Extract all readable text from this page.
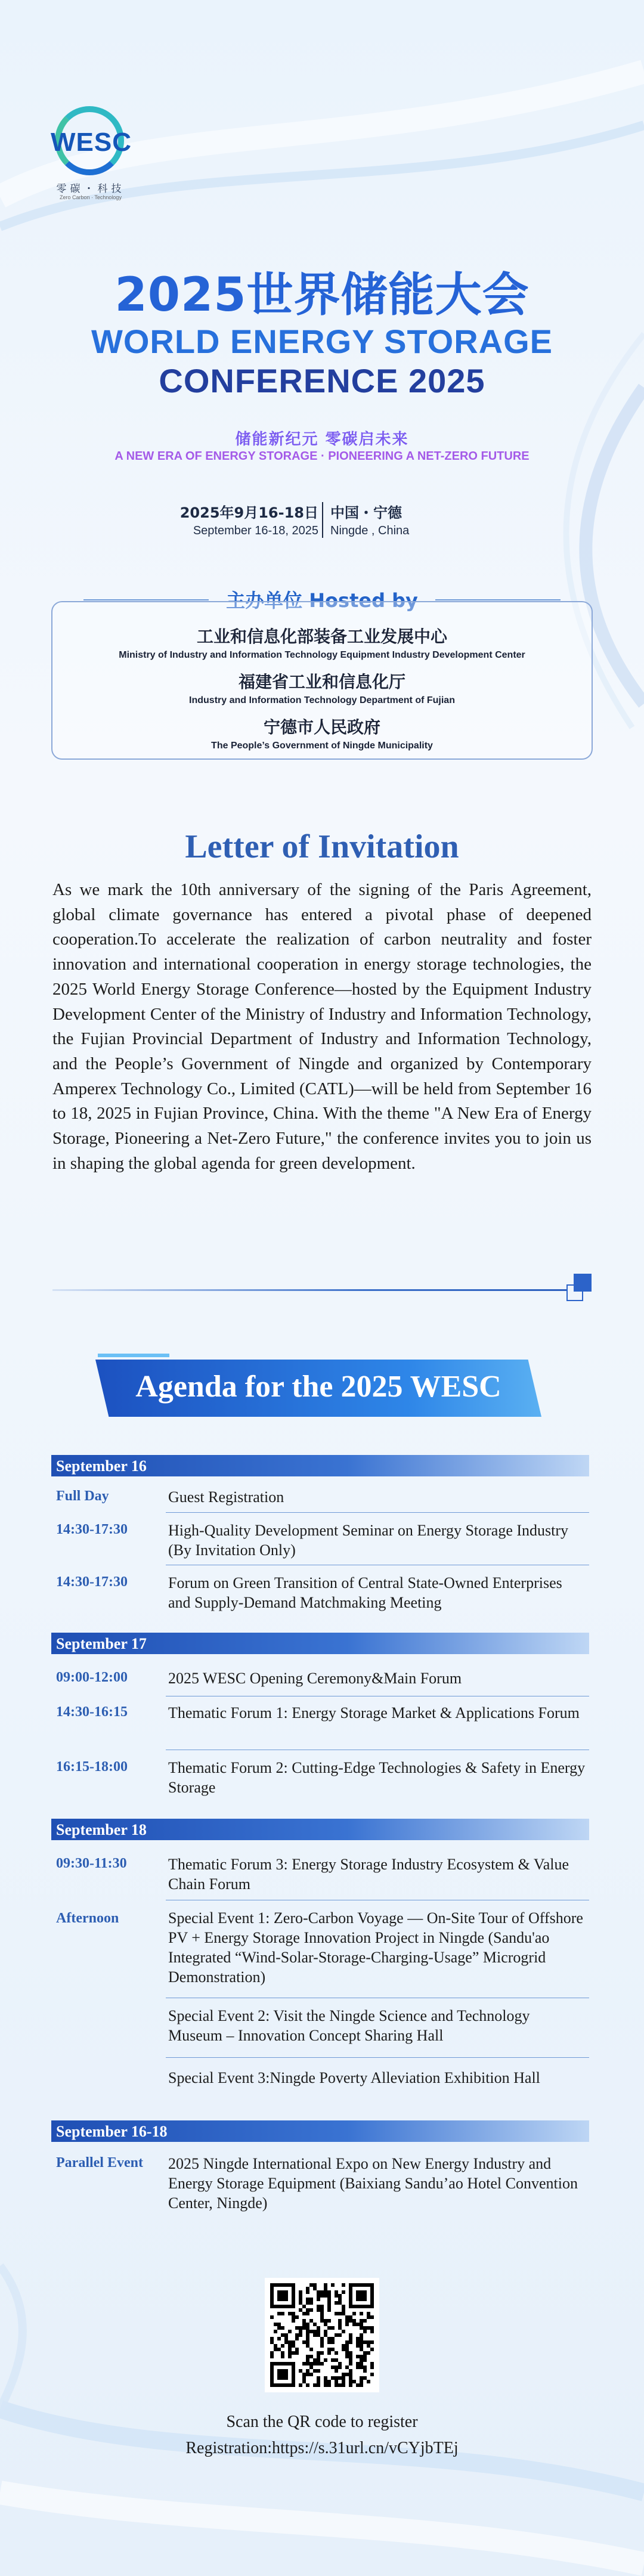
WESC
零碳・科技
Zero Carbon · Technology
2025世界储能大会
WORLD ENERGY STORAGE
CONFERENCE 2025
储能新纪元 零碳启未来
A NEW ERA OF ENERGY STORAGE · PIONEERING A NET-ZERO FUTURE
2025年9月16-18日
September 16-18, 2025
中国・宁德
Ningde , China
主办单位 Hosted by
工业和信息化部装备工业发展中心
Ministry of Industry and Information Technology Equipment Industry Development Center
福建省工业和信息化厅
Industry and Information Technology Department of Fujian
宁德市人民政府
The People’s Government of Ningde Municipality
Letter of Invitation
As we mark the 10th anniversary of the signing of the Paris Agreement, global climate governance has entered a pivotal phase of deepened cooperation.To accelerate the realization of carbon neutrality and foster innovation and international cooperation in energy storage technologies, the 2025 World Energy Storage Conference—hosted by the Equipment Industry Development Center of the Ministry of Industry and Information Technology, the Fujian Provincial Department of Industry and Information Technology, and the People’s Government of Ningde and organized by Contemporary Amperex Technology Co., Limited (CATL)—will be held from September 16 to 18, 2025 in Fujian Province, China. With the theme "A New Era of Energy Storage, Pioneering a Net-Zero Future," the conference invites you to join us in shaping the global agenda for green development.
Agenda for the 2025 WESC
September 16
Full Day	Guest Registration
14:30-17:30	High-Quality Development Seminar on Energy Storage Industry (By Invitation Only)
14:30-17:30	Forum on Green Transition of Central State-Owned Enterprises and Supply-Demand Matchmaking Meeting
September 17
09:00-12:00	2025 WESC Opening Ceremony&Main Forum
14:30-16:15	Thematic Forum 1: Energy Storage Market & Applications Forum
16:15-18:00	Thematic Forum 2: Cutting-Edge Technologies & Safety in Energy Storage
September 18
09:30-11:30	Thematic Forum 3: Energy Storage Industry Ecosystem & Value Chain Forum
Afternoon	Special Event 1: Zero-Carbon Voyage — On-Site Tour of Offshore PV + Energy Storage Innovation Project in Ningde (Sandu'ao Integrated “Wind-Solar-Storage-Charging-Usage” Microgrid Demonstration)
Special Event 2: Visit the Ningde Science and Technology Museum – Innovation Concept Sharing Hall
Special Event 3:Ningde Poverty Alleviation Exhibition Hall
September 16-18
Parallel Event	2025 Ningde International Expo on New Energy Industry and Energy Storage Equipment (Baixiang Sandu’ao Hotel Convention Center, Ningde)
Scan the QR code to register
Registration:https://s.31url.cn/vCYjbTEj
